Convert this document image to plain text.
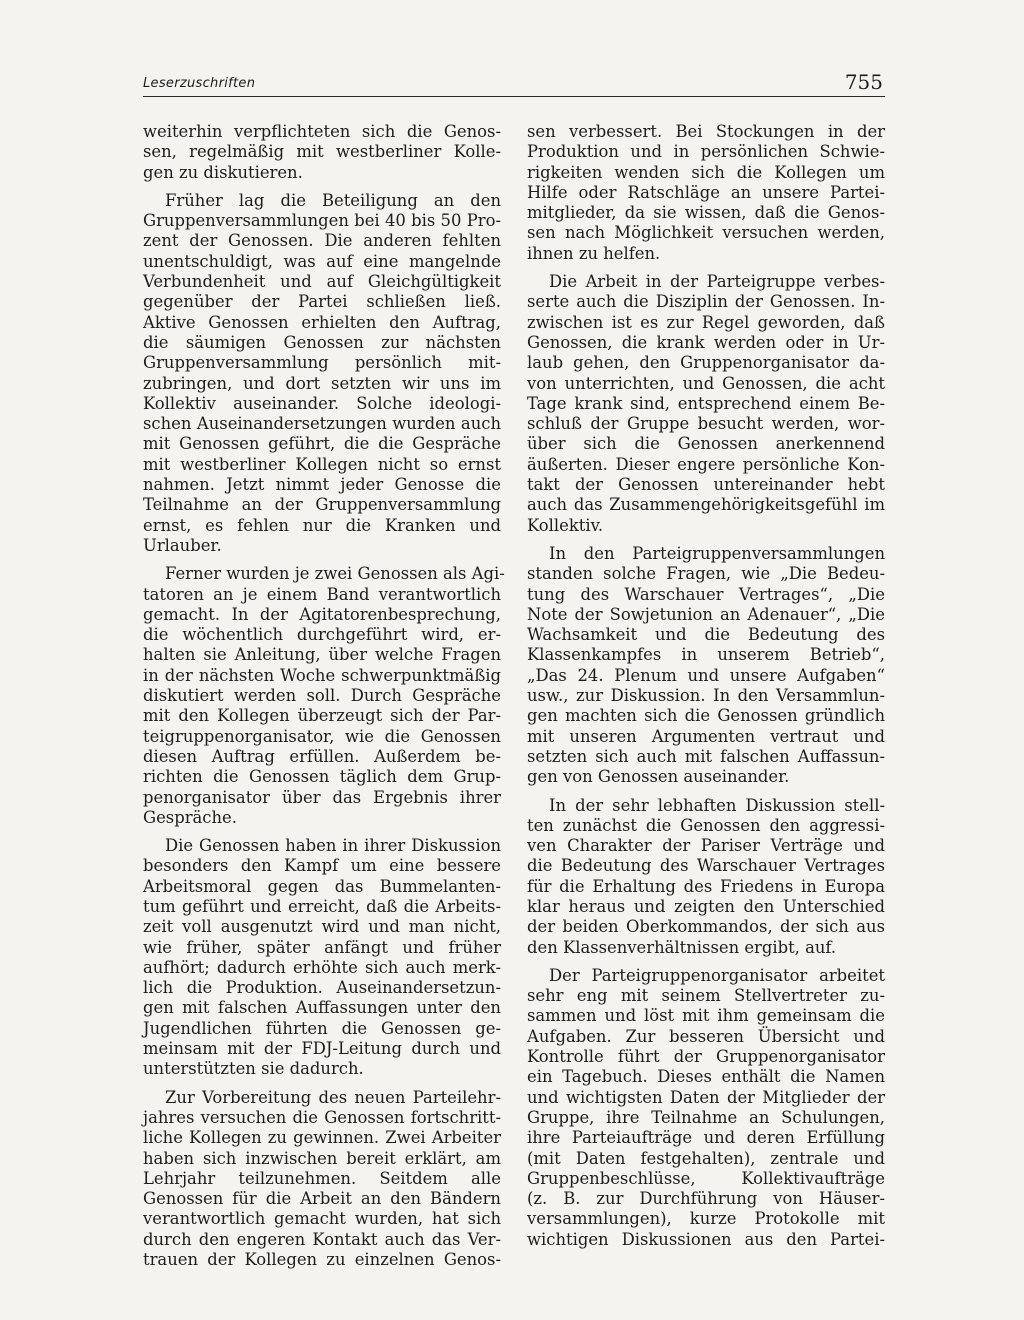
Leserzuschriften	755

weiterhin verpflichteten sich die Genos-
sen, regelmäßig mit westberliner Kolle-
gen zu diskutieren.

Früher lag die Beteiligung an den
Gruppenversammlungen bei 40 bis 50 Pro-
zent der Genossen. Die anderen fehlten
unentschuldigt, was auf eine mangelnde
Verbundenheit und auf Gleichgültigkeit
gegenüber der Partei schließen ließ.
Aktive Genossen erhielten den Auftrag,
die säumigen Genossen zur nächsten
Gruppenversammlung persönlich mit-
zubringen, und dort setzten wir uns im
Kollektiv auseinander. Solche ideologi-
schen Auseinandersetzungen wurden auch
mit Genossen geführt, die die Gespräche
mit westberliner Kollegen nicht so ernst
nahmen. Jetzt nimmt jeder Genosse die
Teilnahme an der Gruppenversammlung
ernst, es fehlen nur die Kranken und
Urlauber.

Ferner wurden je zwei Genossen als Agi-
tatoren an je einem Band verantwortlich
gemacht. In der Agitatorenbesprechung,
die wöchentlich durchgeführt wird, er-
halten sie Anleitung, über welche Fragen
in der nächsten Woche schwerpunktmäßig
diskutiert werden soll. Durch Gespräche
mit den Kollegen überzeugt sich der Par-
teigruppenorganisator, wie die Genossen
diesen Auftrag erfüllen. Außerdem be-
richten die Genossen täglich dem Grup-
penorganisator über das Ergebnis ihrer
Gespräche.

Die Genossen haben in ihrer Diskussion
besonders den Kampf um eine bessere
Arbeitsmoral gegen das Bummelanten-
tum geführt und erreicht, daß die Arbeits-
zeit voll ausgenutzt wird und man nicht,
wie früher, später anfängt und früher
aufhört; dadurch erhöhte sich auch merk-
lich die Produktion. Auseinandersetzun-
gen mit falschen Auffassungen unter den
Jugendlichen führten die Genossen ge-
meinsam mit der FDJ-Leitung durch und
unterstützten sie dadurch.

Zur Vorbereitung des neuen Parteilehr-
jahres versuchen die Genossen fortschritt-
liche Kollegen zu gewinnen. Zwei Arbeiter
haben sich inzwischen bereit erklärt, am
Lehrjahr teilzunehmen. Seitdem alle
Genossen für die Arbeit an den Bändern
verantwortlich gemacht wurden, hat sich
durch den engeren Kontakt auch das Ver-
trauen der Kollegen zu einzelnen Genos-

sen verbessert. Bei Stockungen in der
Produktion und in persönlichen Schwie-
rigkeiten wenden sich die Kollegen um
Hilfe oder Ratschläge an unsere Partei-
mitglieder, da sie wissen, daß die Genos-
sen nach Möglichkeit versuchen werden,
ihnen zu helfen.

Die Arbeit in der Parteigruppe verbes-
serte auch die Disziplin der Genossen. In-
zwischen ist es zur Regel geworden, daß
Genossen, die krank werden oder in Ur-
laub gehen, den Gruppenorganisator da-
von unterrichten, und Genossen, die acht
Tage krank sind, entsprechend einem Be-
schluß der Gruppe besucht werden, wor-
über sich die Genossen anerkennend
äußerten. Dieser engere persönliche Kon-
takt der Genossen untereinander hebt
auch das Zusammengehörigkeitsgefühl im
Kollektiv.

In den Parteigruppenversammlungen
standen solche Fragen, wie „Die Bedeu-
tung des Warschauer Vertrages“, „Die
Note der Sowjetunion an Adenauer“, „Die
Wachsamkeit und die Bedeutung des
Klassenkampfes in unserem Betrieb“,
„Das 24. Plenum und unsere Aufgaben“
usw., zur Diskussion. In den Versammlun-
gen machten sich die Genossen gründlich
mit unseren Argumenten vertraut und
setzten sich auch mit falschen Auffassun-
gen von Genossen auseinander.

In der sehr lebhaften Diskussion stell-
ten zunächst die Genossen den aggressi-
ven Charakter der Pariser Verträge und
die Bedeutung des Warschauer Vertrages
für die Erhaltung des Friedens in Europa
klar heraus und zeigten den Unterschied
der beiden Oberkommandos, der sich aus
den Klassenverhältnissen ergibt, auf.

Der Parteigruppenorganisator arbeitet
sehr eng mit seinem Stellvertreter zu-
sammen und löst mit ihm gemeinsam die
Aufgaben. Zur besseren Übersicht und
Kontrolle führt der Gruppenorganisator
ein Tagebuch. Dieses enthält die Namen
und wichtigsten Daten der Mitglieder der
Gruppe, ihre Teilnahme an Schulungen,
ihre Parteiaufträge und deren Erfüllung
(mit Daten festgehalten), zentrale und
Gruppenbeschlüsse, Kollektivaufträge
(z. B. zur Durchführung von Häuser-
versammlungen), kurze Protokolle mit
wichtigen Diskussionen aus den Partei-
